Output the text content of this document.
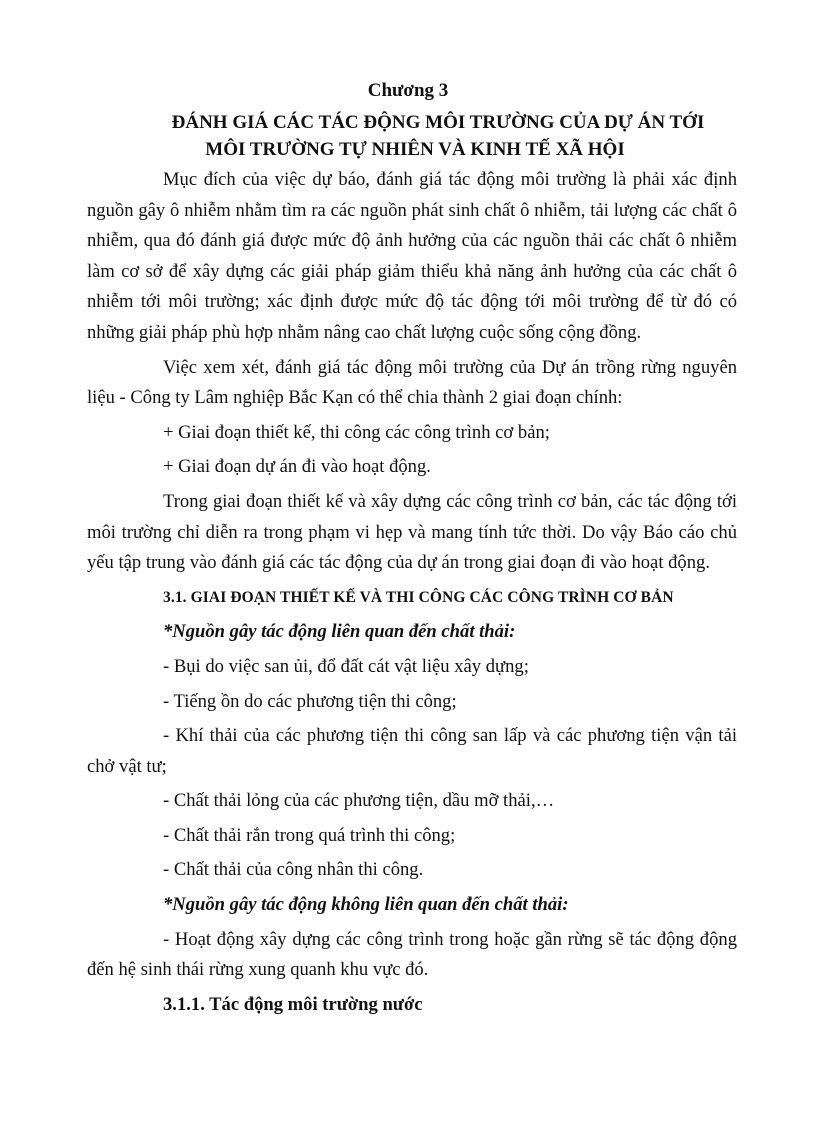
Chương 3
ĐÁNH GIÁ CÁC TÁC ĐỘNG MÔI TRƯỜNG CỦA DỰ ÁN TỚI
MÔI TRƯỜNG TỰ NHIÊN VÀ KINH TẾ XÃ HỘI

Mục đích của việc dự báo, đánh giá tác động môi trường là phải xác định nguồn gây ô nhiễm nhằm tìm ra các nguồn phát sinh chất ô nhiễm, tải lượng các chất ô nhiễm, qua đó đánh giá được mức độ ảnh hưởng của các nguồn thải các chất ô nhiễm làm cơ sở để xây dựng các giải pháp giảm thiểu khả năng ảnh hưởng của các chất ô nhiễm tới môi trường; xác định được mức độ tác động tới môi trường để từ đó có những giải pháp phù hợp nhằm nâng cao chất lượng cuộc sống cộng đồng.

Việc xem xét, đánh giá tác động môi trường của Dự án trồng rừng nguyên liệu - Công ty Lâm nghiệp Bắc Kạn có thể chia thành 2 giai đoạn chính:

+ Giai đoạn thiết kế, thi công các công trình cơ bản;

+ Giai đoạn dự án đi vào hoạt động.

Trong giai đoạn thiết kế và xây dựng các công trình cơ bản, các tác động tới môi trường chỉ diễn ra trong phạm vi hẹp và mang tính tức thời. Do vậy Báo cáo chủ yếu tập trung vào đánh giá các tác động của dự án trong giai đoạn đi vào hoạt động.

3.1. GIAI ĐOẠN THIẾT KẾ VÀ THI CÔNG CÁC CÔNG TRÌNH CƠ BẢN

*Nguồn gây tác động liên quan đến chất thải:

- Bụi do việc san ủi, đổ đất cát vật liệu xây dựng;

- Tiếng ồn do các phương tiện thi công;

- Khí thải của các phương tiện thi công san lấp và các phương tiện vận tải chở vật tư;

- Chất thải lỏng của các phương tiện, dầu mỡ thải,…

- Chất thải rắn trong quá trình thi công;

- Chất thải của công nhân thi công.

*Nguồn gây tác động không liên quan đến chất thải:

- Hoạt động xây dựng các công trình trong hoặc gần rừng sẽ tác động động đến hệ sinh thái rừng xung quanh khu vực đó.

3.1.1. Tác động môi trường nước
